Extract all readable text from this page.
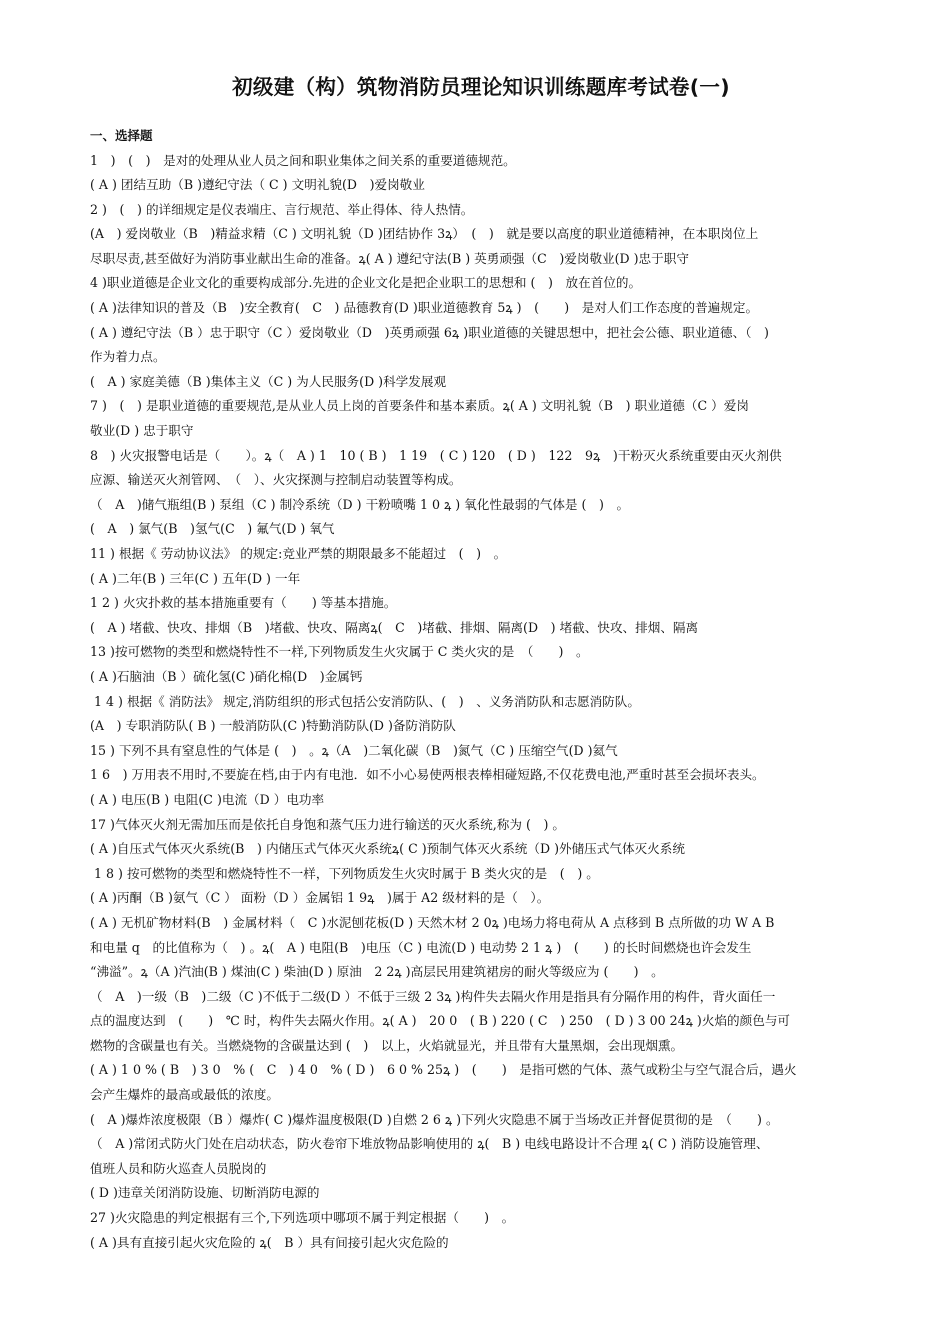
初级建（构）筑物消防员理论知识训练题库考试卷(一)
一、选择题

1　)　(　)　是对的处理从业人员之间和职业集体之间关系的重要道德规范。

( A ) 团结互助（B )遵纪守法（ C ) 文明礼貌(D　)爱岗敬业

2 )　(　) 的详细规定是仪表端庄、言行规范、举止得体、待人热情。

(A　) 爱岗敬业（B　)精益求精（C ) 文明礼貌（D )团结协作 3ꝝ）　(　)　就是要以高度的职业道德精神，在本职岗位上

尽职尽责,甚至做好为消防事业献出生命的准备。ꝝ( A ) 遵纪守法(B ) 英勇顽强（C　)爱岗敬业(D )忠于职守

4 )职业道德是企业文化的重要构成部分.先进的企业文化是把企业职工的思想和 (　)　放在首位的。

( A )法律知识的普及（B　)安全教育(　C　) 品德教育(D )职业道德教育 5ꝝ )　(　　)　是对人们工作态度的普遍规定。

( A ) 遵纪守法（B ）忠于职守（C ）爱岗敬业（D　)英勇顽强 6ꝝ )职业道德的关键思想中，把社会公德、职业道德、（　)

作为着力点。

(　A ) 家庭美德（B )集体主义（C ) 为人民服务(D )科学发展观

7 )　(　) 是职业道德的重要规范,是从业人员上岗的首要条件和基本素质。ꝝ( A ) 文明礼貌（B　) 职业道德（C ）爱岗

敬业(D ) 忠于职守

8　) 火灾报警电话是（　　）。ꝝ（　A ) 1　10 ( B )　1 19　( C ) 120　( D )　122　9ꝝ　)干粉灭火系统重要由灭火剂供

应源、输送灭火剂管网、　（　）、火灾探测与控制启动装置等构成。

（　A　)储气瓶组(B ) 泵组（C ) 制冷系统（D ) 干粉喷嘴 1 0 ꝝ ) 氧化性最弱的气体是 (　)　。

(　A　) 氯气(B　)氢气(C　) 氟气(D ) 氧气

11 ) 根据《 劳动协议法》 的规定:竞业严禁的期限最多不能超过　(　)　。

( A )二年(B ) 三年(C ) 五年(D ) 一年

1 2 ) 火灾扑救的基本措施重要有（　　) 等基本措施。

(　A ) 堵截、快攻、排烟（B　)堵截、快攻、隔离ꝝ(　C　)堵截、排烟、隔离(D　) 堵截、快攻、排烟、隔离

13 )按可燃物的类型和燃烧特性不一样,下列物质发生火灾属于 C 类火灾的是　（　　)　。

( A )石脑油（B ）硫化氢(C )硝化棉(D　)金属钙

1 4 ) 根据《 消防法》 规定,消防组织的形式包括公安消防队、(　)　、义务消防队和志愿消防队。

(A　) 专职消防队( B ) 一般消防队(C )特勤消防队(D )备防消防队

15 ) 下列不具有窒息性的气体是 (　)　。ꝝ（A　)二氧化碳（B　)氮气（C ) 压缩空气(D )氦气

1 6　) 万用表不用时,不要旋在档,由于内有电池．如不小心易使两根表棒相碰短路,不仅花费电池,严重时甚至会损坏表头。

( A ) 电压(B ) 电阻(C )电流（D ）电功率

17 )气体灭火剂无需加压而是依托自身饱和蒸气压力进行输送的灭火系统,称为 (　) 。

( A )自压式气体灭火系统(B　) 内储压式气体灭火系统ꝝ( C )预制气体灭火系统（D )外储压式气体灭火系统

1 8 ) 按可燃物的类型和燃烧特性不一样，下列物质发生火灾时属于 B 类火灾的是　(　) 。

( A )丙酮（B )氨气（C ） 面粉（D ）金属铝 1 9ꝝ　)属于 A2 级材料的是（　）。

( A ) 无机矿物材料(B　) 金属材料（　C )水泥刨花板(D ) 天然木材 2 0ꝝ )电场力将电荷从 A 点移到 B 点所做的功 W A B

和电量 q　的比值称为（　) 。ꝝ(　A ) 电阻(B　)电压（C ) 电流(D ) 电动势 2 1 ꝝ )　(　　) 的长时间燃烧也许会发生

“沸溢”。ꝝ（A )汽油(B ) 煤油(C ) 柴油(D ) 原油　2 2ꝝ )高层民用建筑裙房的耐火等级应为 (　　)　。

（　A　)一级（B　)二级（C )不低于二级(D ）不低于三级 2 3ꝝ )构件失去隔火作用是指具有分隔作用的构件，背火面任一

点的温度达到　(　　)　℃ 时，构件失去隔火作用。ꝝ( A )　20 0　( B ) 220 ( C　) 250　( D ) 3 00 24ꝝ )火焰的颜色与可

燃物的含碳量也有关。当燃烧物的含碳量达到 (　)　以上，火焰就显光，并且带有大量黑烟，会出现烟熏。

( A ) 1 0 % ( B　) 3 0　% (　C　) 4 0　% ( D )　6 0 % 25ꝝ )　(　　)　是指可燃的气体、蒸气或粉尘与空气混合后，遇火

会产生爆炸的最高或最低的浓度。

(　A )爆炸浓度极限（B ）爆炸( C )爆炸温度极限(D )自燃 2 6 ꝝ )下列火灾隐患不属于当场改正并督促贯彻的是　（　　) 。

（　A )常闭式防火门处在启动状态，防火卷帘下堆放物品影响使用的 ꝝ(　B ) 电线电路设计不合理 ꝝ( C ) 消防设施管理、

值班人员和防火巡查人员脱岗的

( D )违章关闭消防设施、切断消防电源的

27 )火灾隐患的判定根据有三个,下列选项中哪项不属于判定根据（　　)　。

( A )具有直接引起火灾危险的 ꝝ(　B ）具有间接引起火灾危险的
